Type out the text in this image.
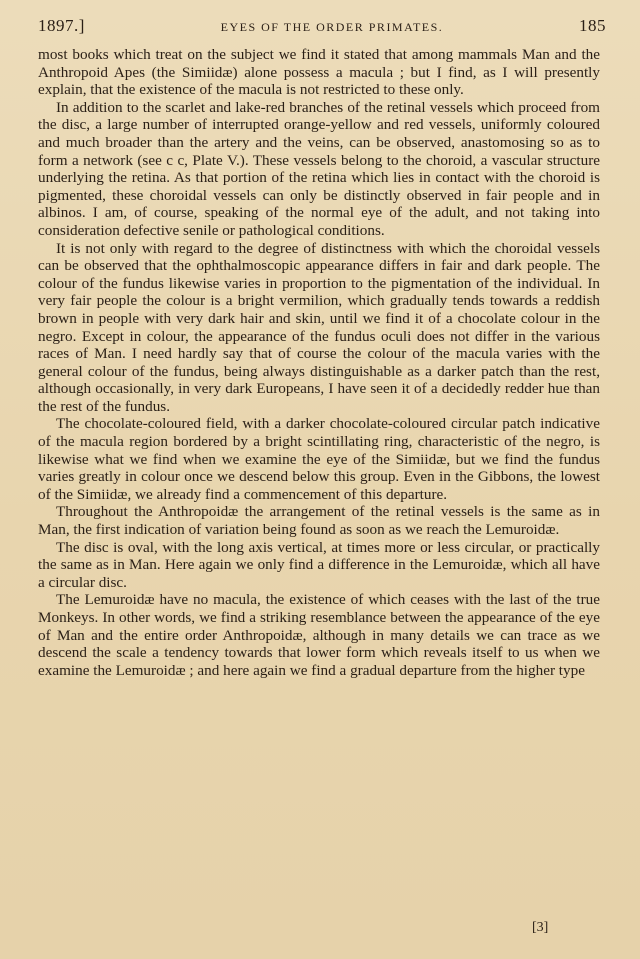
1897.]	EYES OF THE ORDER PRIMATES.	185

most books which treat on the subject we find it stated that among mammals Man and the Anthropoid Apes (the Simiidæ) alone possess a macula ; but I find, as I will presently explain, that the existence of the macula is not restricted to these only.

In addition to the scarlet and lake-red branches of the retinal vessels which proceed from the disc, a large number of interrupted orange-yellow and red vessels, uniformly coloured and much broader than the artery and the veins, can be observed, anastomosing so as to form a network (see c c, Plate V.). These vessels belong to the choroid, a vascular structure underlying the retina. As that portion of the retina which lies in contact with the choroid is pigmented, these choroidal vessels can only be distinctly observed in fair people and in albinos. I am, of course, speaking of the normal eye of the adult, and not taking into consideration defective senile or pathological conditions.

It is not only with regard to the degree of distinctness with which the choroidal vessels can be observed that the ophthalmoscopic appearance differs in fair and dark people. The colour of the fundus likewise varies in proportion to the pigmentation of the individual. In very fair people the colour is a bright vermilion, which gradually tends towards a reddish brown in people with very dark hair and skin, until we find it of a chocolate colour in the negro. Except in colour, the appearance of the fundus oculi does not differ in the various races of Man. I need hardly say that of course the colour of the macula varies with the general colour of the fundus, being always distinguishable as a darker patch than the rest, although occasionally, in very dark Europeans, I have seen it of a decidedly redder hue than the rest of the fundus.

The chocolate-coloured field, with a darker chocolate-coloured circular patch indicative of the macula region bordered by a bright scintillating ring, characteristic of the negro, is likewise what we find when we examine the eye of the Simiidæ, but we find the fundus varies greatly in colour once we descend below this group. Even in the Gibbons, the lowest of the Simiidæ, we already find a commencement of this departure.

Throughout the Anthropoidæ the arrangement of the retinal vessels is the same as in Man, the first indication of variation being found as soon as we reach the Lemuroidæ.

The disc is oval, with the long axis vertical, at times more or less circular, or practically the same as in Man. Here again we only find a difference in the Lemuroidæ, which all have a circular disc.

The Lemuroidæ have no macula, the existence of which ceases with the last of the true Monkeys. In other words, we find a striking resemblance between the appearance of the eye of Man and the entire order Anthropoidæ, although in many details we can trace as we descend the scale a tendency towards that lower form which reveals itself to us when we examine the Lemuroidæ ; and here again we find a gradual departure from the higher type

[3]
